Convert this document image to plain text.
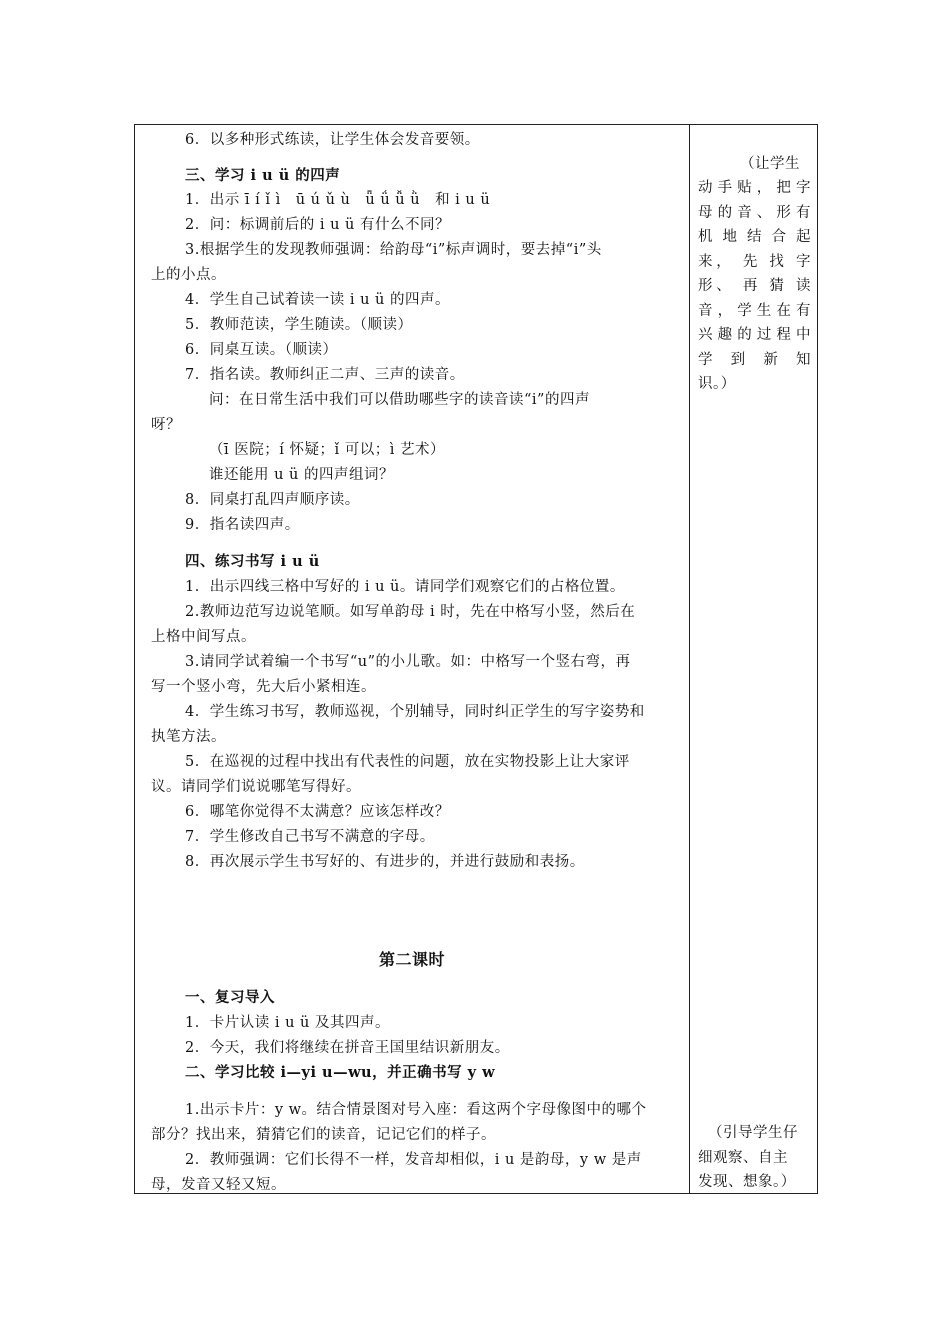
6．以多种形式练读，让学生体会发音要领。
三、学习 i u ü 的四声
1．出示 ī í ǐ ì　ū ú ǔ ù　ǖ ǘ ǚ ǜ　和 i u ü
2．问：标调前后的 i u ü 有什么不同？
3.根据学生的发现教师强调：给韵母“i”标声调时，要去掉“i”头
上的小点。
4．学生自己试着读一读 i u ü 的四声。
5．教师范读，学生随读。（顺读）
6．同桌互读。（顺读）
7．指名读。教师纠正二声、三声的读音。
问：在日常生活中我们可以借助哪些字的读音读“i”的四声
呀？
（ī 医院；í 怀疑；ǐ 可以；ì 艺术）
谁还能用 u ü 的四声组词？
8．同桌打乱四声顺序读。
9．指名读四声。
四、练习书写 i u ü
1．出示四线三格中写好的 i u ü。请同学们观察它们的占格位置。
2.教师边范写边说笔顺。如写单韵母 i 时，先在中格写小竖，然后在
上格中间写点。
3.请同学试着编一个书写“u”的小儿歌。如：中格写一个竖右弯，再
写一个竖小弯，先大后小紧相连。
4．学生练习书写，教师巡视，个别辅导，同时纠正学生的写字姿势和
执笔方法。
5．在巡视的过程中找出有代表性的问题，放在实物投影上让大家评
议。请同学们说说哪笔写得好。
6．哪笔你觉得不太满意？应该怎样改？
7．学生修改自己书写不满意的字母。
8．再次展示学生书写好的、有进步的，并进行鼓励和表扬。
第二课时
一、复习导入
1．卡片认读 i u ü 及其四声。
2．今天，我们将继续在拼音王国里结识新朋友。
二、学习比较 i—yi u—wu，并正确书写 y w
1.出示卡片：y w。结合情景图对号入座：看这两个字母像图中的哪个
部分？找出来，猜猜它们的读音，记记它们的样子。
2．教师强调：它们长得不一样，发音却相似，i u 是韵母，y w 是声
母，发音又轻又短。
（让学生
动手贴，把字
母的音、形有
机 地 结 合 起
来， 先 找 字
形、 再 猜 读
音，学生在有
兴趣的过程中
学 到 新 知
识。）
（引导学生仔
细观察、自主
发现、想象。）
